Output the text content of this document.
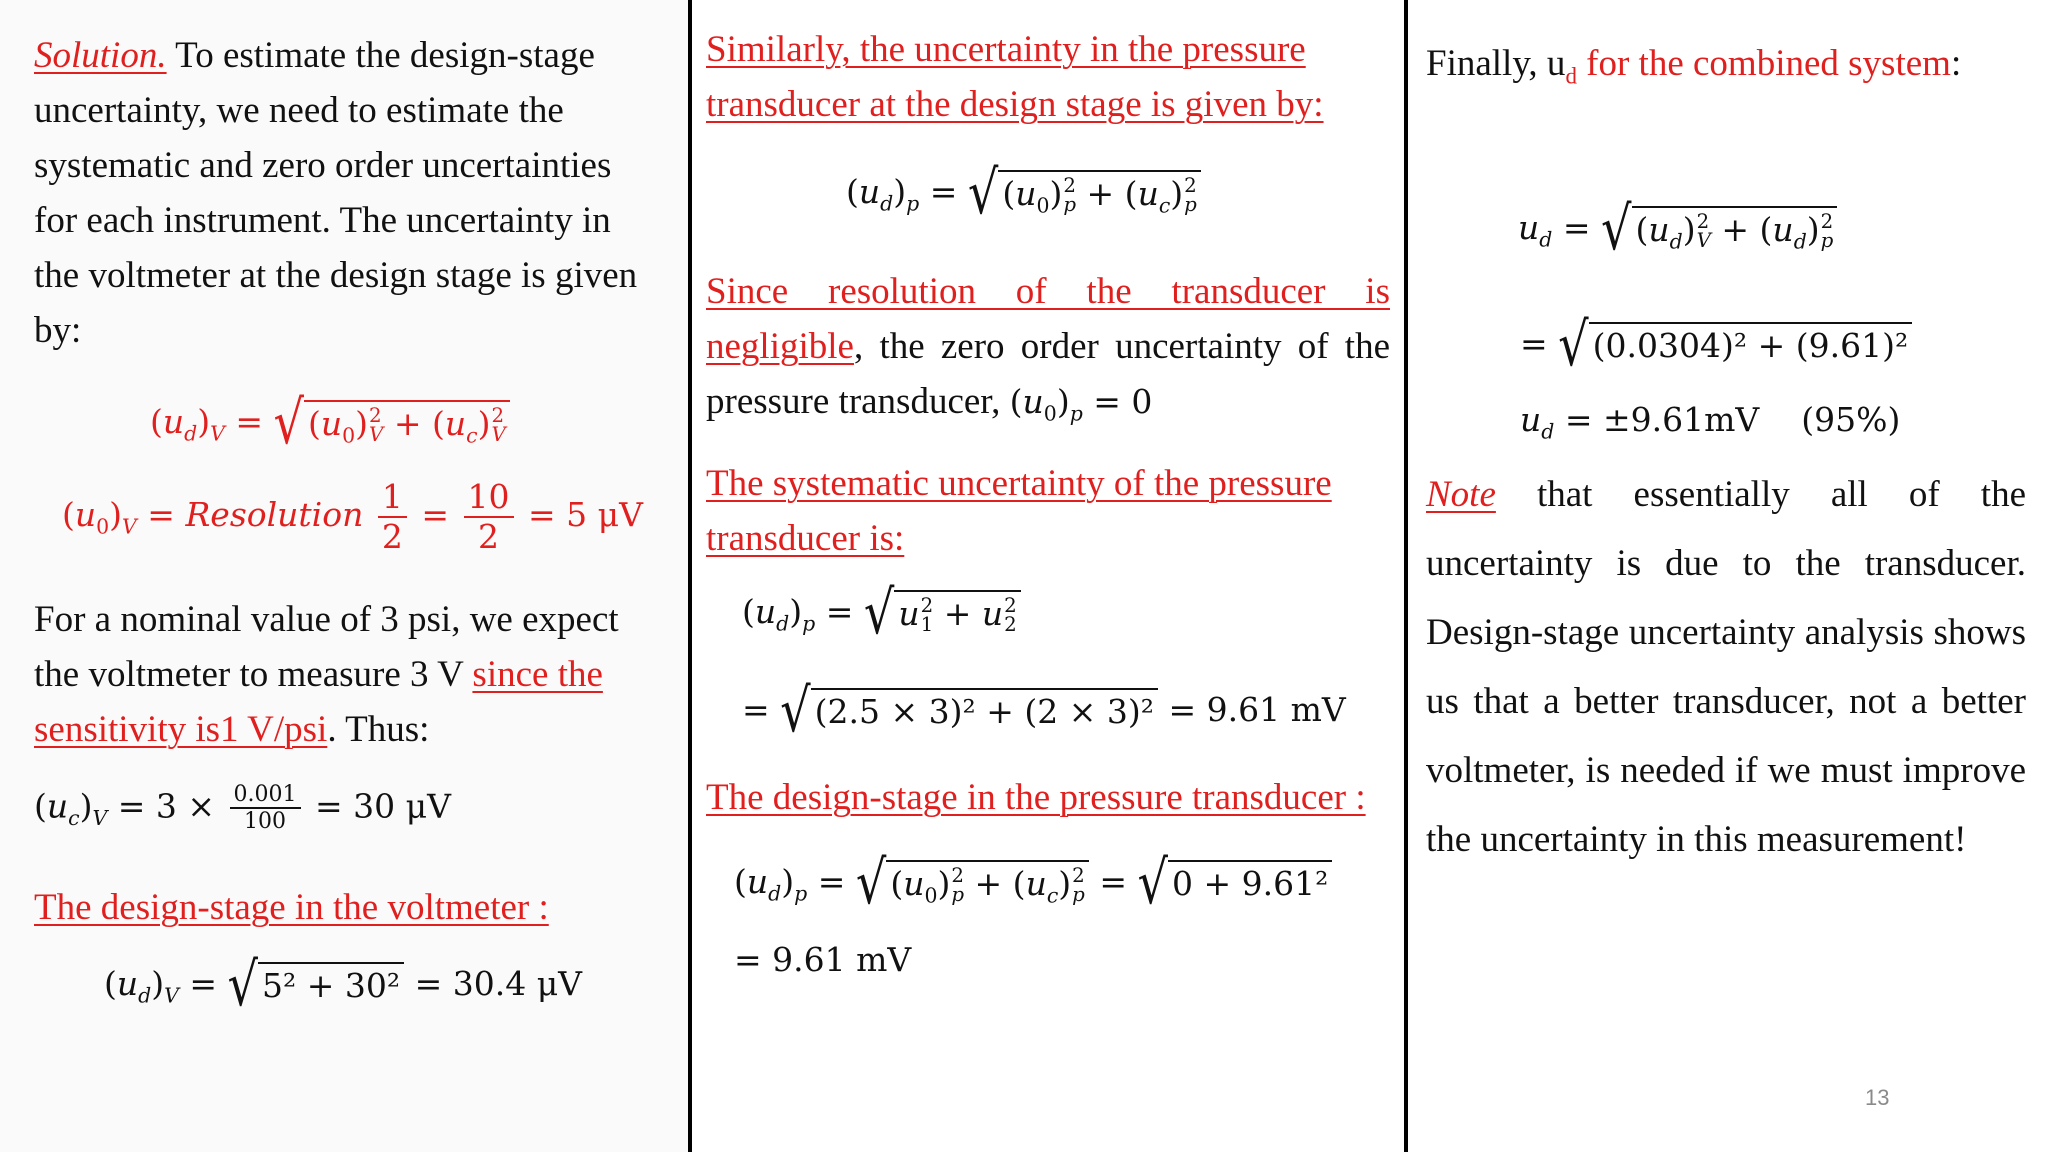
Solution. To estimate the design-stage uncertainty, we need to estimate the systematic and zero order uncertainties for each instrument. The uncertainty in the voltmeter at the design stage is given by:

$(u_d)_V$ = √ $(u_0)$ 2
$V + (u_c)$ 2
V
$(u_0)_V$ = Resolution $\frac{1}{2} = \frac{10}{2} = 5$ μV

For a nominal value of 3 psi, we expect the voltmeter to measure 3 V since the sensitivity is1 V/psi. Thus:

$(u_c)_V = 3 \times \frac{0.001}{100} = 30$ μV

The design-stage in the voltmeter :

$(u_d)_V$ = √ 5² + 30² = 30.4 μV

Similarly, the uncertainty in the pressure transducer at the design stage is given by:

$(u_d)_p$ = √ $(u_0)$ 2
$p + (u_c)$ 2
p

Since resolution of the transducer is negligible, the zero order uncertainty of the pressure transducer, $(u_0)_p = 0$

The systematic uncertainty of the pressure transducer is:

$(u_d)_p$ = √ u 2
1 + u 2
2
= √ (2.5 × 3)² + (2 × 3)² = 9.61 mV

The design-stage in the pressure transducer :

$(u_d)_p$ = √ $(u_0)$ 2
$p + (u_c)$ 2
p = √ 0 + 9.61²
= 9.61 mV

Finally, $u_d$ for the combined system:

$u_d$ = √ $(u_d)$ 2
$V + (u_d)$ 2
p
= √ (0.0304)² + (9.61)²
$u_d = \pm 9.61mV$ (95%)

Note that essentially all of the uncertainty is due to the transducer. Design-stage uncertainty analysis shows us that a better transducer, not a better voltmeter, is needed if we must improve the uncertainty in this measurement!

13
